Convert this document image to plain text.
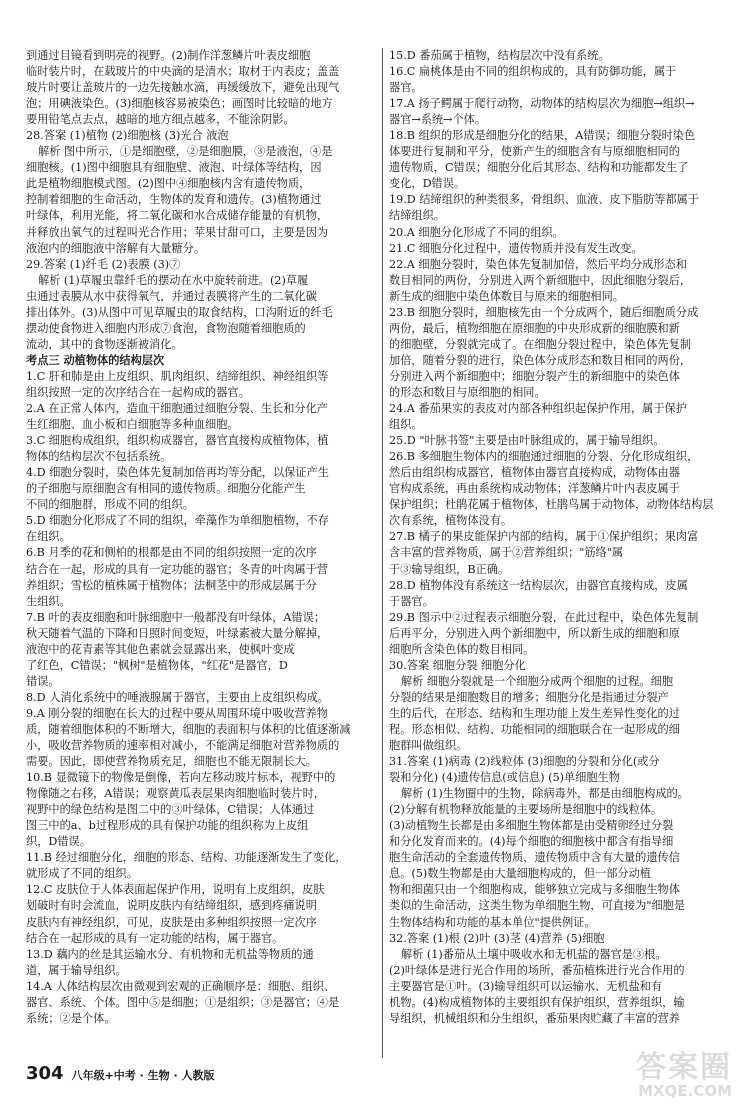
到通过目镜看到明亮的视野。(2)制作洋葱鳞片叶表皮细胞
临时装片时，在载玻片的中央滴的是清水；取材于内表皮；盖盖
玻片时要让盖玻片的一边先接触水滴，再缓缓放下，避免出现气
泡；用碘液染色。(3)细胞核容易被染色；画图时比较暗的地方
要用铅笔点去点，越暗的地方细点越多，不能涂阴影。
28.答案 (1)植物 (2)细胞核 (3)光合 液泡
解析 图中所示，①是细胞壁，②是细胞膜，③是液泡，④是
细胞核。(1)图中细胞具有细胞壁、液泡、叶绿体等结构，因
此是植物细胞模式图。(2)图中④细胞核内含有遗传物质，
控制着细胞的生命活动，生物体的发育和遗传。(3)植物通过
叶绿体，利用光能，将二氧化碳和水合成储存能量的有机物，
并释放出氧气的过程叫光合作用；苹果甘甜可口，主要是因为
液泡内的细胞液中溶解有大量糖分。
29.答案 (1)纤毛 (2)表膜 (3)⑦
解析 (1)草履虫靠纤毛的摆动在水中旋转前进。(2)草履
虫通过表膜从水中获得氧气，并通过表膜将产生的二氧化碳
排出体外。(3)从图中可见草履虫的取食结构，口沟附近的纤毛
摆动使食物进入细胞内形成⑦食泡，食物泡随着细胞质的
流动，其中的食物逐渐被消化。
考点三 动植物体的结构层次
1.C 肝和肺是由上皮组织、肌肉组织、结缔组织、神经组织等
组织按照一定的次序结合在一起构成的器官。
2.A 在正常人体内，造血干细胞通过细胞分裂、生长和分化产
生红细胞、血小板和白细胞等多种血细胞。
3.C 细胞构成组织，组织构成器官，器官直接构成植物体，植
物体的结构层次不包括系统。
4.D 细胞分裂时，染色体先复制加倍再均等分配，以保证产生
的子细胞与原细胞含有相同的遗传物质。细胞分化能产生
不同的细胞群，形成不同的组织。
5.D 细胞分化形成了不同的组织，牵藻作为单细胞植物，不存
在组织。
6.B 月季的花和侧柏的根都是由不同的组织按照一定的次序
结合在一起，形成的具有一定功能的器官；冬青的叶肉属于营
养组织；雪松的植株属于植物体；法桐茎中的形成层属于分
生组织。
7.B 叶的表皮细胞和叶脉细胞中一般都没有叶绿体，A错误；
秋天随着气温的下降和日照时间变短，叶绿素被大量分解掉，
液泡中的花青素等其他色素就会显露出来，使枫叶变成
了红色，C错误；"枫树"是植物体，"红花"是器官，D
错误。
8.D 人消化系统中的唾液腺属于器官，主要由上皮组织构成。
9.A 刚分裂的细胞在长大的过程中要从周围环境中吸收营养物
质，随着细胞体积的不断增大，细胞的表面积与体积的比值逐渐减
小，吸收营养物质的速率相对减小，不能满足细胞对营养物质的
需要。因此，即使营养物质充足，细胞也不能无限制长大。
10.B 显微镜下的物像是倒像，若向左移动玻片标本，视野中的
物像随之右移，A错误；观察黄瓜表层果肉细胞临时装片时，
视野中的绿色结构是图二中的③叶绿体，C错误；人体通过
图三中的a、b过程形成的具有保护功能的组织称为上皮组
织，D错误。
11.B 经过细胞分化，细胞的形态、结构、功能逐渐发生了变化，
就形成了不同的组织。
12.C 皮肤位于人体表面起保护作用，说明有上皮组织，皮肤
划破时有时会流血，说明皮肤内有结缔组织，感到疼痛说明
皮肤内有神经组织，可见，皮肤是由多种组织按照一定次序
结合在一起形成的具有一定功能的结构，属于器官。
13.D 藕内的丝是其运输水分、有机物和无机盐等物质的通
道，属于输导组织。
14.A 人体结构层次由微观到宏观的正确顺序是：细胞、组织、
器官、系统、个体。图中⑤是细胞；①是组织；③是器官；④是
系统；②是个体。
15.D 番茄属于植物，结构层次中没有系统。
16.C 扁桃体是由不同的组织构成的，具有防御功能，属于
器官。
17.A 扬子鳄属于爬行动物，动物体的结构层次为细胞→组织→
器官→系统→个体。
18.B 组织的形成是细胞分化的结果，A错误；细胞分裂时染色
体要进行复制和平分，使新产生的细胞含有与原细胞相同的
遗传物质，C错误；细胞分化后其形态、结构和功能都发生了
变化，D错误。
19.D 结缔组织的种类很多，骨组织、血液、皮下脂肪等都属于
结缔组织。
20.A 细胞分化形成了不同的组织。
21.C 细胞分化过程中，遗传物质并没有发生改变。
22.A 细胞分裂时，染色体先复制加倍，然后平均分成形态和
数目相同的两份，分别进入两个新细胞中，因此细胞分裂后，
新生成的细胞中染色体数目与原来的细胞相同。
23.B 细胞分裂时，细胞核先由一个分成两个，随后细胞质分成
两份，最后，植物细胞在原细胞的中央形成新的细胞膜和新
的细胞壁，分裂就完成了。在细胞分裂过程中，染色体先复制
加倍，随着分裂的进行，染色体分成形态和数目相同的两份，
分别进入两个新细胞中；细胞分裂产生的新细胞中的染色体
的形态和数目与原细胞的相同。
24.A 番茄果实的表皮对内部各种组织起保护作用，属于保护
组织。
25.D "叶脉书签"主要是由叶脉组成的，属于输导组织。
26.B 多细胞生物体内的细胞通过细胞的分裂、分化形成组织，
然后由组织构成器官，植物体由器官直接构成，动物体由器
官构成系统，再由系统构成动物体；洋葱鳞片叶内表皮属于
保护组织；杜鹃花属于植物体，杜鹃鸟属于动物体，动物体结构层
次有系统，植物体没有。
27.B 橘子的果皮能保护内部的结构，属于①保护组织；果肉富
含丰富的营养物质，属于②营养组织；"筋络"属
于③输导组织，B正确。
28.D 植物体没有系统这一结构层次，由器官直接构成，皮属
于器官。
29.B 图示中②过程表示细胞分裂，在此过程中，染色体先复制
后再平分，分别进入两个新细胞中，所以新生成的细胞和原
细胞所含染色体的数目相同。
30.答案 细胞分裂 细胞分化
解析 细胞分裂就是一个细胞分成两个细胞的过程。细胞
分裂的结果是细胞数目的增多；细胞分化是指通过分裂产
生的后代，在形态、结构和生理功能上发生差异性变化的过
程。形态相似、结构、功能相同的细胞联合在一起形成的细
胞群叫做组织。
31.答案 (1)病毒 (2)线粒体 (3)细胞的分裂和分化(或分
裂和分化) (4)遗传信息(或信息) (5)单细胞生物
解析 (1)生物圈中的生物，除病毒外，都是由细胞构成的。
(2)分解有机物释放能量的主要场所是细胞中的线粒体。
(3)动植物生长都是由多细胞生物体都是由受精卵经过分裂
和分化发育而来的。(4)每个细胞的细胞核中都含有指导细
胞生命活动的全套遗传物质，遗传物质中含有大量的遗传信
息。(5)数生物都是由大量细胞构成的，但一部分动植
物和细菌只由一个细胞构成，能够独立完成与多细胞生物体
类似的生命活动，这类生物为单细胞生物，可直接为"细胞是
生物体结构和功能的基本单位"提供例证。
32.答案 (1)根 (2)叶 (3)茎 (4)营养 (5)细胞
解析 (1)番茄从土壤中吸收水和无机盐的器官是③根。
(2)叶绿体是进行光合作用的场所，番茄植株进行光合作用的
主要器官是①叶。(3)输导组织可以运输水、无机盐和有
机物。(4)构成植物体的主要组织有保护组织，营养组织，输
导组织，机械组织和分生组织，番茄果肉贮藏了丰富的营养
304 八年级+中考 · 生物 · 人教版	答案圈
MXQE.COM
